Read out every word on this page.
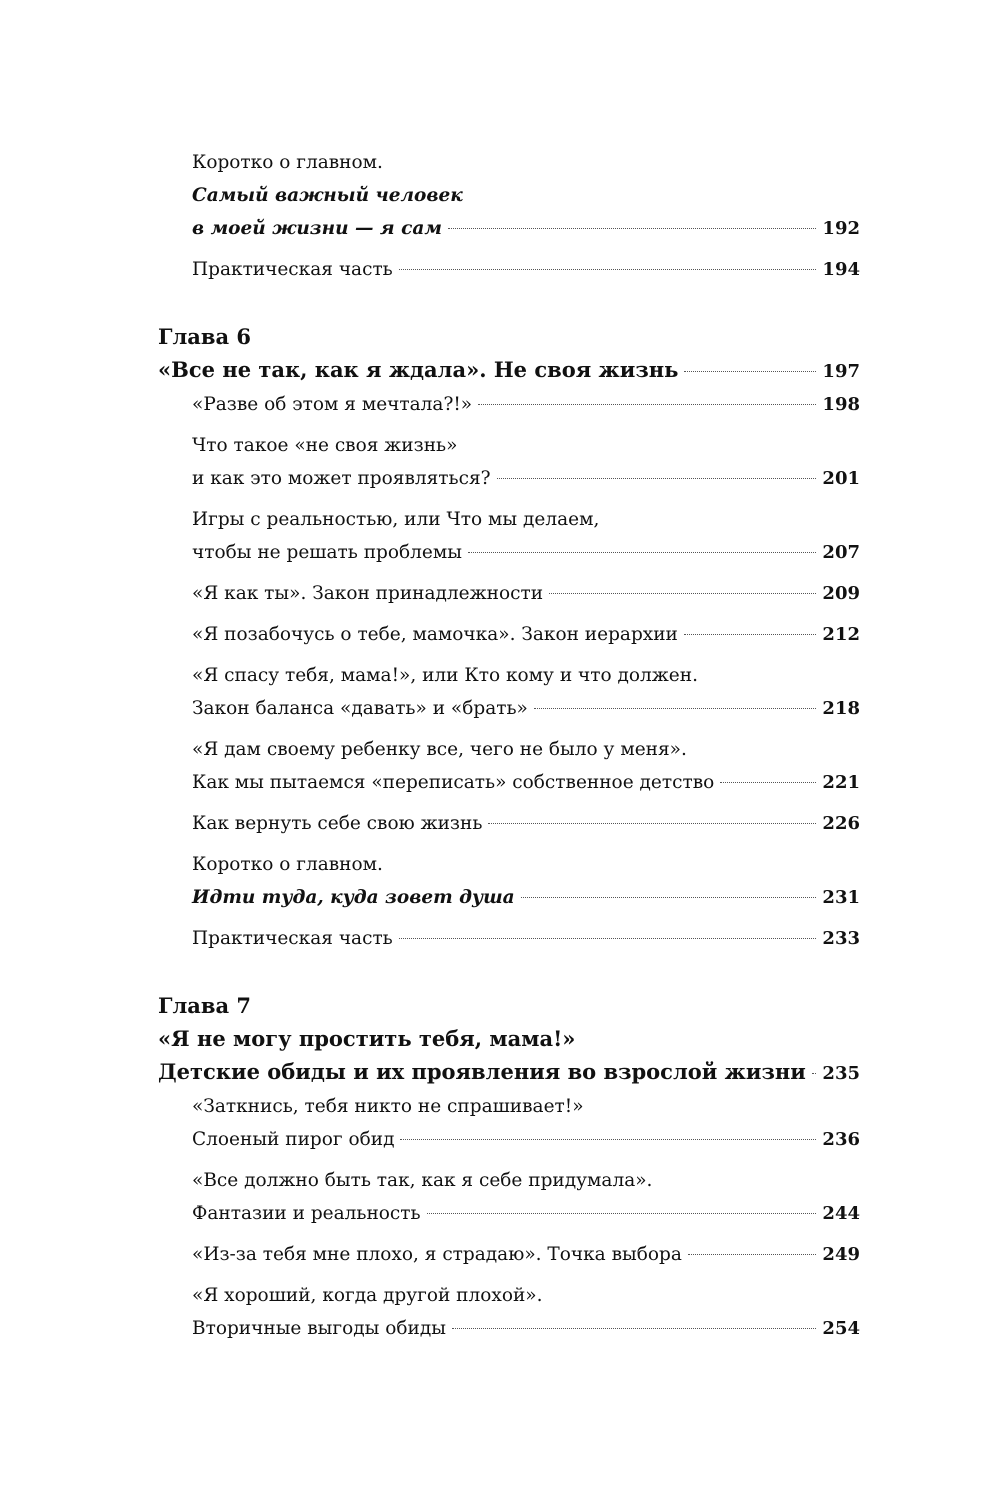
Коротко о главном.
Самый важный человек
в моей жизни — я сам	192
Практическая часть	194
Глава 6
«Все не так, как я ждала». Не своя жизнь	197
«Разве об этом я мечтала?!»	198
Что такое «не своя жизнь»
и как это может проявляться?	201
Игры с реальностью, или Что мы делаем,
чтобы не решать проблемы	207
«Я как ты». Закон принадлежности	209
«Я позабочусь о тебе, мамочка». Закон иерархии	212
«Я спасу тебя, мама!», или Кто кому и что должен.
Закон баланса «давать» и «брать»	218
«Я дам своему ребенку все, чего не было у меня».
Как мы пытаемся «переписать» собственное детство	221
Как вернуть себе свою жизнь	226
Коротко о главном.
Идти туда, куда зовет душа	231
Практическая часть	233
Глава 7
«Я не могу простить тебя, мама!»
Детские обиды и их проявления во взрослой жизни 235
«Заткнись, тебя никто не спрашивает!»
Слоеный пирог обид	236
«Все должно быть так, как я себе придумала».
Фантазии и реальность	244
«Из-за тебя мне плохо, я страдаю». Точка выбора	249
«Я хороший, когда другой плохой».
Вторичные выгоды обиды	254
